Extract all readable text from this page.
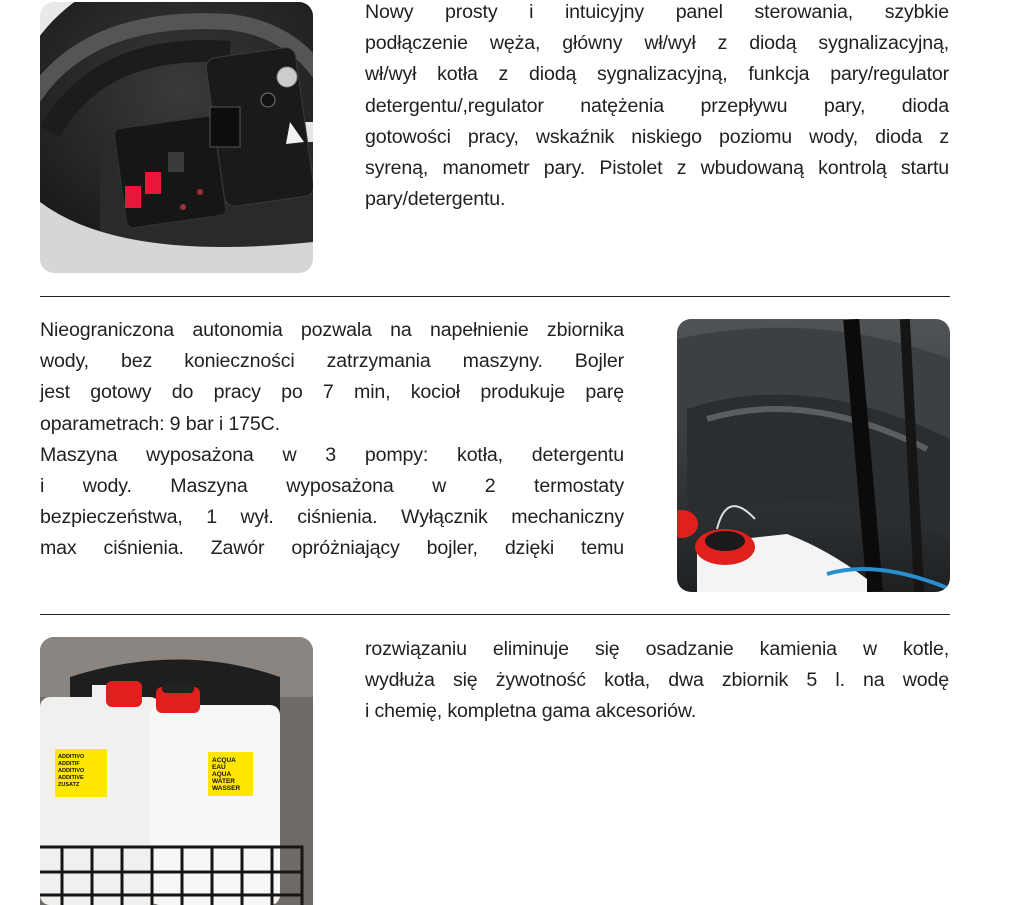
Nowy prosty i intuicyjny panel sterowania, szybkie
podłączenie węża, główny wł/wył z diodą sygnalizacyjną,
wł/wył kotła z diodą sygnalizacyjną, funkcja pary/regulator
detergentu/,regulator natężenia przepływu pary, dioda
gotowości pracy, wskaźnik niskiego poziomu wody, dioda z
syreną, manometr pary. Pistolet z wbudowaną kontrolą startu
pary/detergentu.

Nieograniczona autonomia pozwala na napełnienie zbiornika
wody, bez konieczności zatrzymania maszyny. Bojler
jest gotowy do pracy po 7 min, kocioł produkuje parę
oparametrach: 9 bar i 175C.
Maszyna wyposażona w 3 pompy: kotła, detergentu
i wody. Maszyna wyposażona w 2 termostaty
bezpieczeństwa, 1 wył. ciśnienia. Wyłącznik mechaniczny
max ciśnienia. Zawór opróżniający bojler, dzięki temu

ADDITIVO ADDITIF ADDITIVO ADDITIVE ZUSATZ
ACQUA EAU AQUA WATER WASSER

rozwiązaniu eliminuje się osadzanie kamienia w kotle,
wydłuża się żywotność kotła, dwa zbiornik 5 l. na wodę
i chemię, kompletna gama akcesoriów.
